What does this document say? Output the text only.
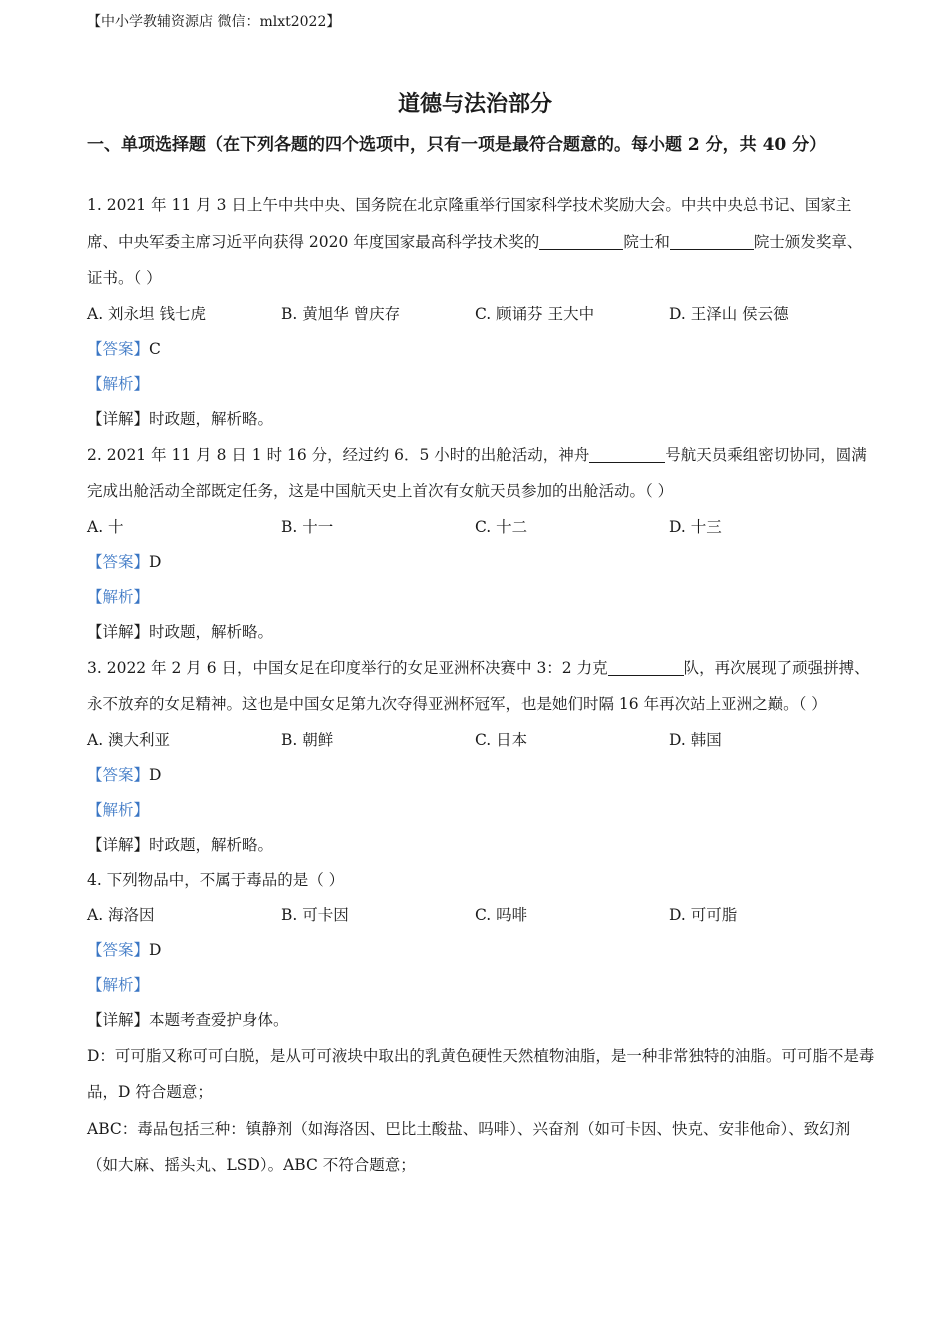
【中小学教辅资源店 微信：mlxt2022】
道德与法治部分
一、单项选择题（在下列各题的四个选项中，只有一项是最符合题意的。每小题 2 分，共 40 分）
1. 2021 年 11 月 3 日上午中共中央、国务院在北京隆重举行国家科学技术奖励大会。中共中央总书记、国家主席、中央军委主席习近平向获得 2020 年度国家最高科学技术奖的	院士和	院士颁发奖章、证书。（ ）
A. 刘永坦 钱七虎	B. 黄旭华 曾庆存	C. 顾诵芬 王大中	D. 王泽山 侯云德
【答案】C
【解析】
【详解】时政题，解析略。
2. 2021 年 11 月 8 日 1 时 16 分，经过约 6．5 小时的出舱活动，神舟	号航天员乘组密切协同，圆满完成出舱活动全部既定任务，这是中国航天史上首次有女航天员参加的出舱活动。（ ）
A. 十	B. 十一	C. 十二	D. 十三
【答案】D
【解析】
【详解】时政题，解析略。
3. 2022 年 2 月 6 日，中国女足在印度举行的女足亚洲杯决赛中 3：2 力克	队，再次展现了顽强拼搏、永不放弃的女足精神。这也是中国女足第九次夺得亚洲杯冠军，也是她们时隔 16 年再次站上亚洲之巅。（ ）
A. 澳大利亚	B. 朝鲜	C. 日本	D. 韩国
【答案】D
【解析】
【详解】时政题，解析略。
4. 下列物品中，不属于毒品的是（ ）
A. 海洛因	B. 可卡因	C. 吗啡	D. 可可脂
【答案】D
【解析】
【详解】本题考查爱护身体。
D：可可脂又称可可白脱，是从可可液块中取出的乳黄色硬性天然植物油脂，是一种非常独特的油脂。可可脂不是毒品，D 符合题意；
ABC：毒品包括三种：镇静剂（如海洛因、巴比土酸盐、吗啡）、兴奋剂（如可卡因、快克、安非他命）、致幻剂（如大麻、摇头丸、LSD）。ABC 不符合题意；
